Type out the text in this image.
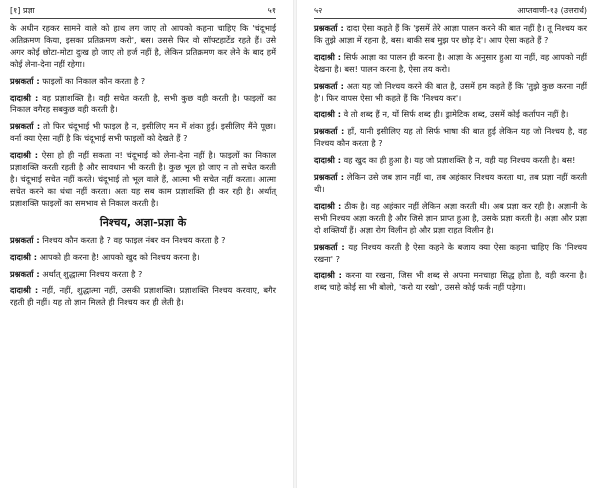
[१] प्रज्ञा	५१

के अधीन रहकर सामने वाले को हाथ लग जाए तो आपको कहना चाहिए कि 'चंदूभाई अतिक्रमण किया, इसका प्रतिक्रमण करो', बस। उससे फिर वो सॉफ्टहार्टेड रहते हैं। उसे अगर कोई छोटा-मोटा दुःख हो जाए तो हर्ज नहीं है, लेकिन प्रतिक्रमण कर लेने के बाद हमें कोई लेना-देना नहीं रहेगा।

प्रश्नकर्ता : फाइलों का निकाल कौन करता है ?

दादाश्री : वह प्रज्ञाशक्ति है। वही सचेत करती है, सभी कुछ वही करती है। फाइलों का निकाल वगैरह सबकुछ वही करती है।

प्रश्नकर्ता : तो फिर चंदूभाई भी फाइल है न, इसीलिए मन में शंका हुई। इसीलिए मैंने पूछा। वर्ना क्या ऐसा नहीं है कि चंदूभाई सभी फाइलों को देखते हैं ?

दादाश्री : ऐसा हो ही नहीं सकता न! चंदूभाई को लेना-देना नहीं है। फाइलों का निकाल प्रज्ञाशक्ति करती रहती है और सावधान भी करती है। कुछ भूल हो जाए न तो सचेत करती है। चंदूभाई सचेत नहीं करते। चंदूभाई तो भूल वाले हैं, आत्मा भी सचेत नहीं करता। आत्मा सचेत करने का धंधा नहीं करता। अतः यह सब काम प्रज्ञाशक्ति ही कर रही है। अर्थात् प्रज्ञाशक्ति फाइलों का समभाव से निकाल करती है।

निश्चय, अज्ञा-प्रज्ञा के

प्रश्नकर्ता : निश्चय कौन करता है ? वह फाइल नंबर वन निश्चय करता है ?

दादाश्री : आपको ही करना है! आपको खुद को निश्चय करना है।

प्रश्नकर्ता : अर्थात् शुद्धात्मा निश्चय करता है ?

दादाश्री : नहीं, नहीं, शुद्धात्मा नहीं, उसकी प्रज्ञाशक्ति। प्रज्ञाशक्ति निश्चय करवाए, बगैर रहती ही नहीं। यह तो ज्ञान मिलते ही निश्चय कर ही लेती है।

५२	आप्तवाणी-१३ (उत्तरार्ध)

प्रश्नकर्ता : दादा ऐसा कहते हैं कि 'इसमें तेरे आज्ञा पालन करने की बात नहीं है। तू निश्चय कर कि तुझे आज्ञा में रहना है, बस। बाकी सब मुझ पर छोड़ दे'। आप ऐसा कहते हैं ?

दादाश्री : सिर्फ आज्ञा का पालन ही करना है। आज्ञा के अनुसार हुआ या नहीं, वह आपको नहीं देखना है। बस! पालन करना है, ऐसा तय करो।

प्रश्नकर्ता : अतः यह जो निश्चय करने की बात है, उसमें हम कहते हैं कि 'तुझे कुछ करना नहीं है'। फिर वापस ऐसा भी कहते हैं कि 'निश्चय कर'।

दादाश्री : वे तो शब्द हैं न, यों सिर्फ शब्द ही। ड्रामेटिक शब्द, उसमें कोई कर्तापन नहीं है।

प्रश्नकर्ता : हाँ, यानी इसीलिए यह तो सिर्फ भाषा की बात हुई लेकिन यह जो निश्चय है, वह निश्चय कौन करता है ?

दादाश्री : वह खुद का ही हुआ है। यह जो प्रज्ञाशक्ति है न, वही यह निश्चय करती है। बस!

प्रश्नकर्ता : लेकिन उसे जब ज्ञान नहीं था, तब अहंकार निश्चय करता था, तब प्रज्ञा नहीं करती थी।

दादाश्री : ठीक है। वह अहंकार नहीं लेकिन अज्ञा करती थी। अब प्रज्ञा कर रही है। अज्ञानी के सभी निश्चय अज्ञा करती है और जिसे ज्ञान प्राप्त हुआ है, उसके प्रज्ञा करती है। अज्ञा और प्रज्ञा दो शक्तियाँ हैं। अज्ञा रोग विलीन हो और प्रज्ञा राहत विलीन है।

प्रश्नकर्ता : यह निश्चय करती है ऐसा कहने के बजाय क्या ऐसा कहना चाहिए कि 'निश्चय रखना' ?

दादाश्री : करना या रखना, जिस भी शब्द से अपना मनचाहा सिद्ध होता है, वही करना है। शब्द चाहे कोई सा भी बोलो, 'करो या रखो', उससे कोई फर्क नहीं पड़ेगा।
